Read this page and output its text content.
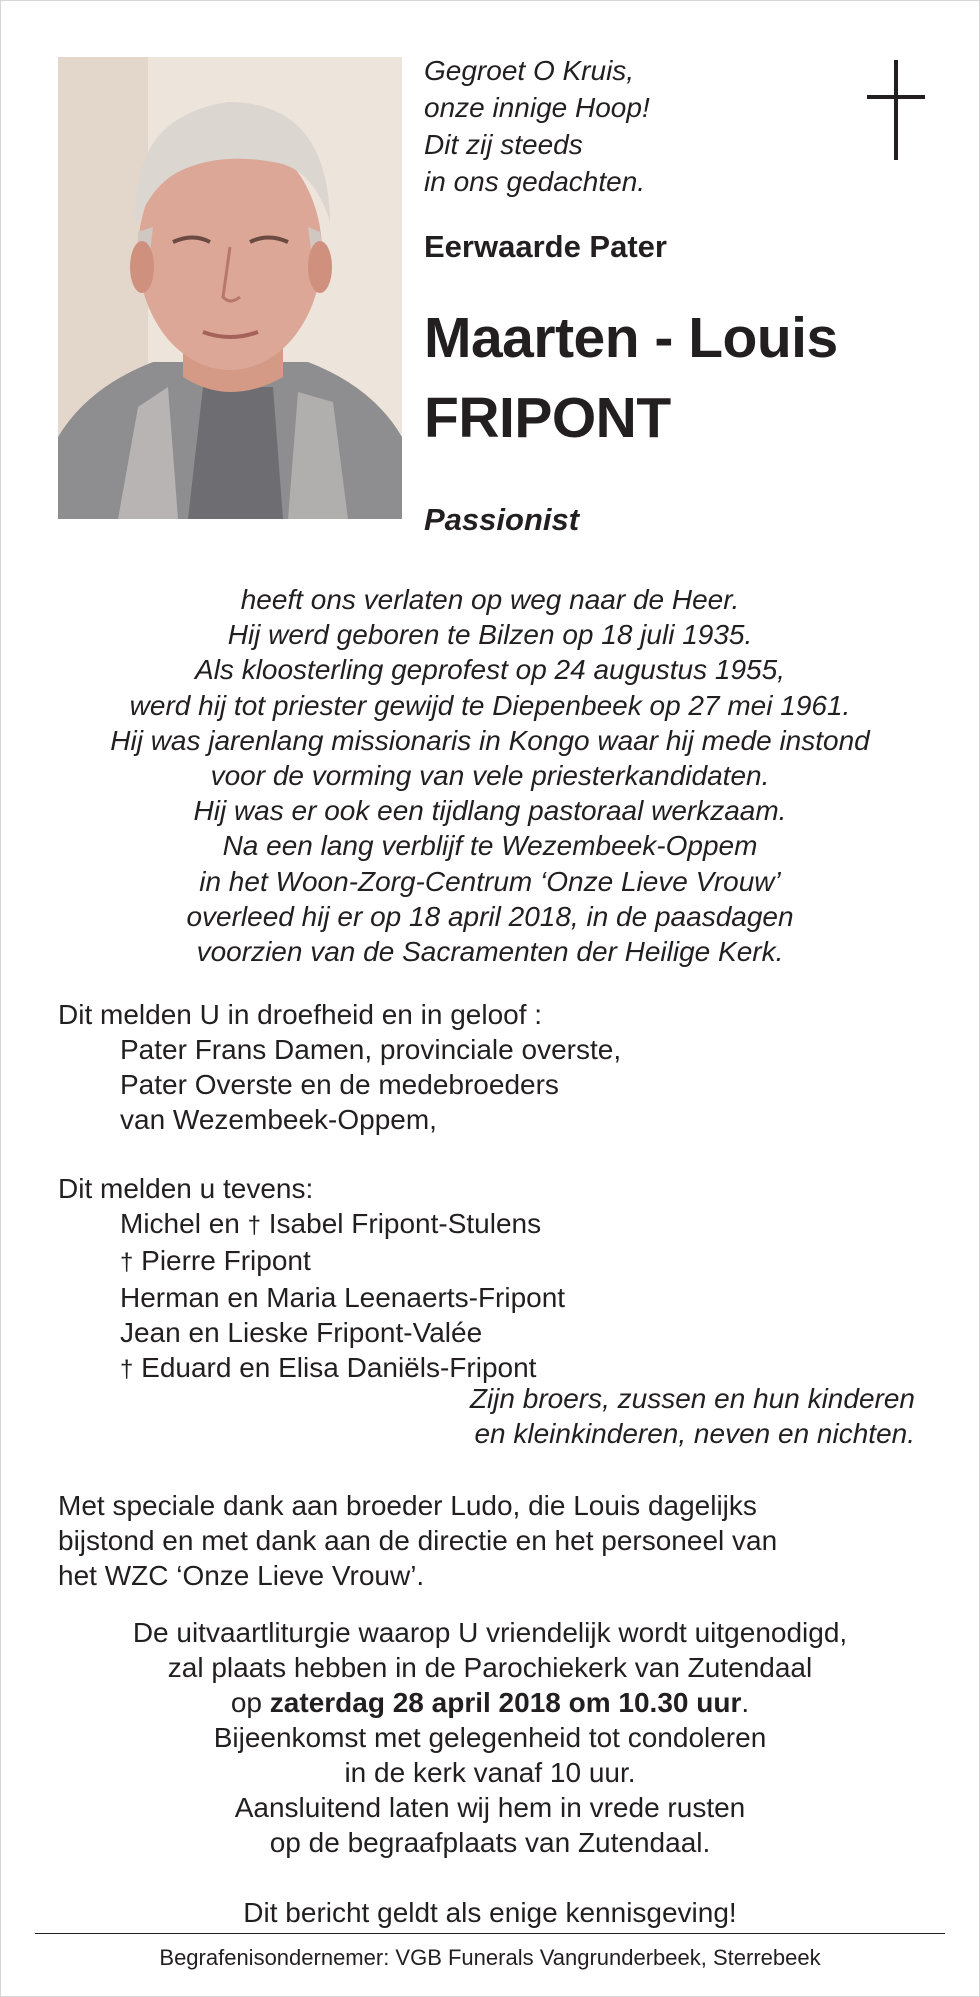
Gegroet O Kruis,
onze innige Hoop!
Dit zij steeds
in ons gedachten.
Eerwaarde Pater
Maarten - Louis
FRIPONT
Passionist
heeft ons verlaten op weg naar de Heer.
Hij werd geboren te Bilzen op 18 juli 1935.
Als kloosterling geprofest op 24 augustus 1955,
werd hij tot priester gewijd te Diepenbeek op 27 mei 1961.
Hij was jarenlang missionaris in Kongo waar hij mede instond
voor de vorming van vele priesterkandidaten.
Hij was er ook een tijdlang pastoraal werkzaam.
Na een lang verblijf te Wezembeek-Oppem
in het Woon-Zorg-Centrum ‘Onze Lieve Vrouw’
overleed hij er op 18 april 2018, in de paasdagen
voorzien van de Sacramenten der Heilige Kerk.
Dit melden U in droefheid en in geloof :
Pater Frans Damen, provinciale overste,
Pater Overste en de medebroeders
van Wezembeek-Oppem,
Dit melden u tevens:
Michel en † Isabel Fripont-Stulens
† Pierre Fripont
Herman en Maria Leenaerts-Fripont
Jean en Lieske Fripont-Valée
† Eduard en Elisa Daniëls-Fripont
Zijn broers, zussen en hun kinderen
en kleinkinderen, neven en nichten.
Met speciale dank aan broeder Ludo, die Louis dagelijks
bijstond en met dank aan de directie en het personeel van
het WZC ‘Onze Lieve Vrouw’.
De uitvaartliturgie waarop U vriendelijk wordt uitgenodigd,
zal plaats hebben in de Parochiekerk van Zutendaal
op zaterdag 28 april 2018 om 10.30 uur.
Bijeenkomst met gelegenheid tot condoleren
in de kerk vanaf 10 uur.
Aansluitend laten wij hem in vrede rusten
op de begraafplaats van Zutendaal.
Dit bericht geldt als enige kennisgeving!
Begrafenisondernemer: VGB Funerals Vangrunderbeek, Sterrebeek
